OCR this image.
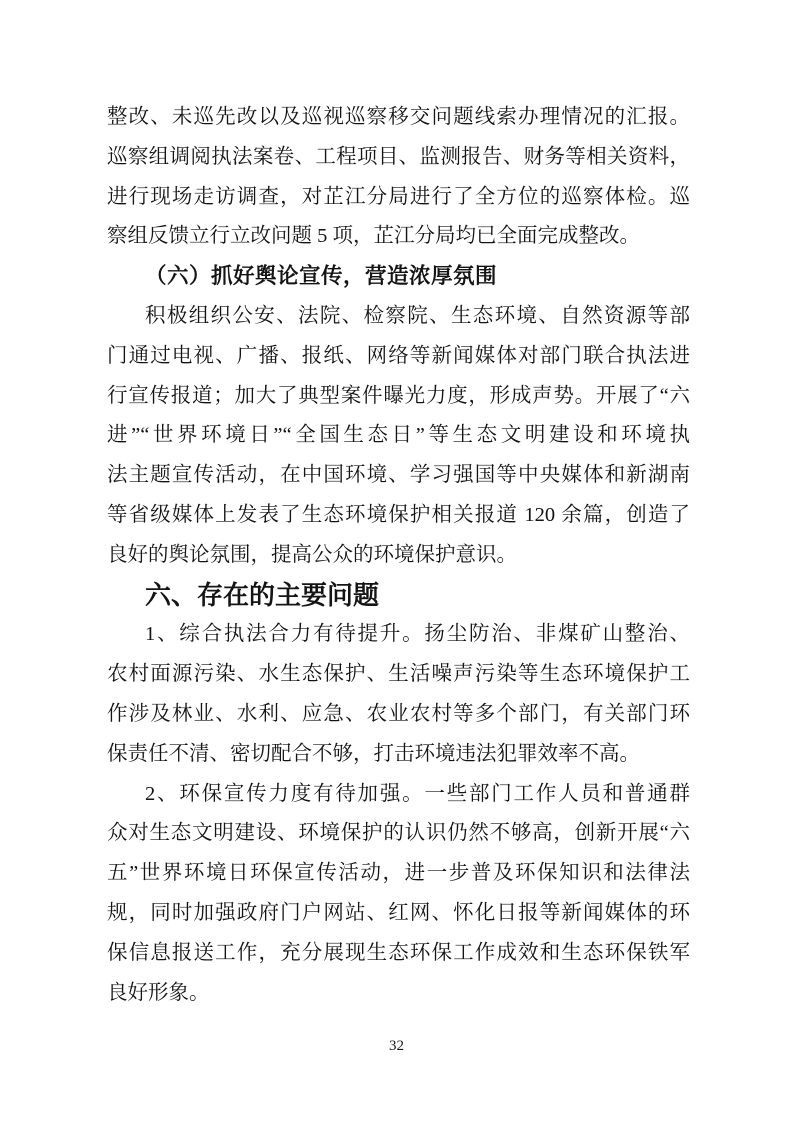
整改、未巡先改以及巡视巡察移交问题线索办理情况的汇报。
巡察组调阅执法案卷、工程项目、监测报告、财务等相关资料，
进行现场走访调查，对芷江分局进行了全方位的巡察体检。巡
察组反馈立行立改问题 5 项，芷江分局均已全面完成整改。
（六）抓好舆论宣传，营造浓厚氛围
积极组织公安、法院、检察院、生态环境、自然资源等部
门通过电视、广播、报纸、网络等新闻媒体对部门联合执法进
行宣传报道；加大了典型案件曝光力度，形成声势。开展了“六
进”“世界环境日”“全国生态日”等生态文明建设和环境执
法主题宣传活动，在中国环境、学习强国等中央媒体和新湖南
等省级媒体上发表了生态环境保护相关报道 120 余篇，创造了
良好的舆论氛围，提高公众的环境保护意识。
六、存在的主要问题
1、综合执法合力有待提升。扬尘防治、非煤矿山整治、
农村面源污染、水生态保护、生活噪声污染等生态环境保护工
作涉及林业、水利、应急、农业农村等多个部门，有关部门环
保责任不清、密切配合不够，打击环境违法犯罪效率不高。
2、环保宣传力度有待加强。一些部门工作人员和普通群
众对生态文明建设、环境保护的认识仍然不够高，创新开展“六
五”世界环境日环保宣传活动，进一步普及环保知识和法律法
规，同时加强政府门户网站、红网、怀化日报等新闻媒体的环
保信息报送工作，充分展现生态环保工作成效和生态环保铁军
良好形象。
32
